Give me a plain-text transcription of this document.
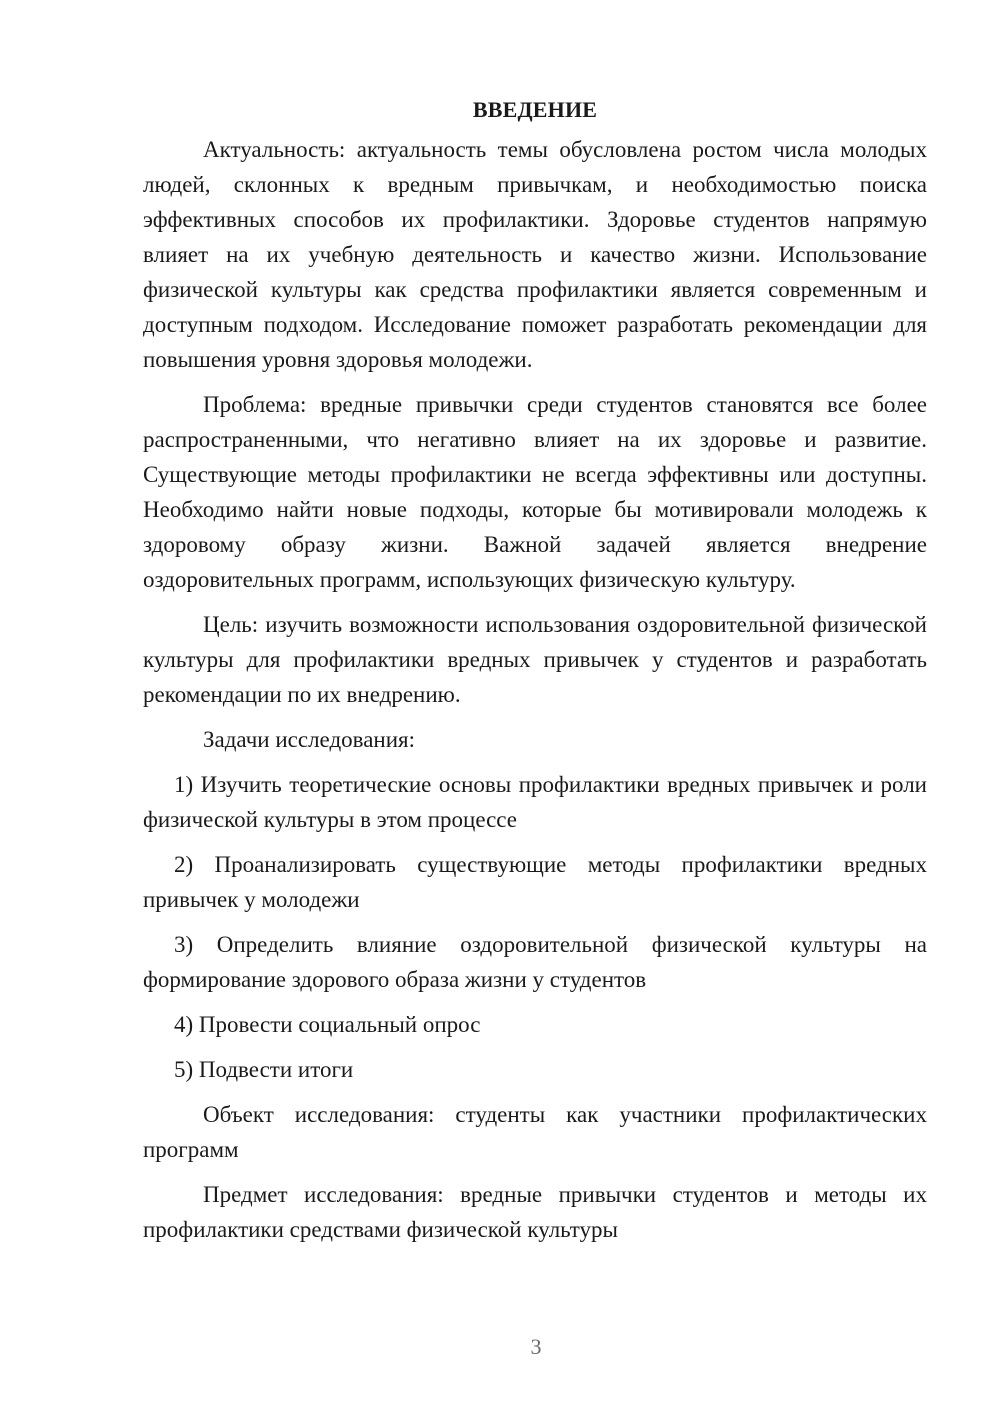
ВВЕДЕНИЕ

Актуальность: актуальность темы обусловлена ростом числа молодых людей, склонных к вредным привычкам, и необходимостью поиска эффективных способов их профилактики. Здоровье студентов напрямую влияет на их учебную деятельность и качество жизни. Использование физической культуры как средства профилактики является современным и доступным подходом. Исследование поможет разработать рекомендации для повышения уровня здоровья молодежи.

Проблема: вредные привычки среди студентов становятся все более распространенными, что негативно влияет на их здоровье и развитие. Существующие методы профилактики не всегда эффективны или доступны. Необходимо найти новые подходы, которые бы мотивировали молодежь к здоровому образу жизни. Важной задачей является внедрение оздоровительных программ, использующих физическую культуру.

Цель: изучить возможности использования оздоровительной физической культуры для профилактики вредных привычек у студентов и разработать рекомендации по их внедрению.

Задачи исследования:

1) Изучить теоретические основы профилактики вредных привычек и роли физической культуры в этом процессе

2) Проанализировать существующие методы профилактики вредных привычек у молодежи

3) Определить влияние оздоровительной физической культуры на формирование здорового образа жизни у студентов

4) Провести социальный опрос

5) Подвести итоги

Объект исследования: студенты как участники профилактических программ

Предмет исследования: вредные привычки студентов и методы их профилактики средствами физической культуры

3
